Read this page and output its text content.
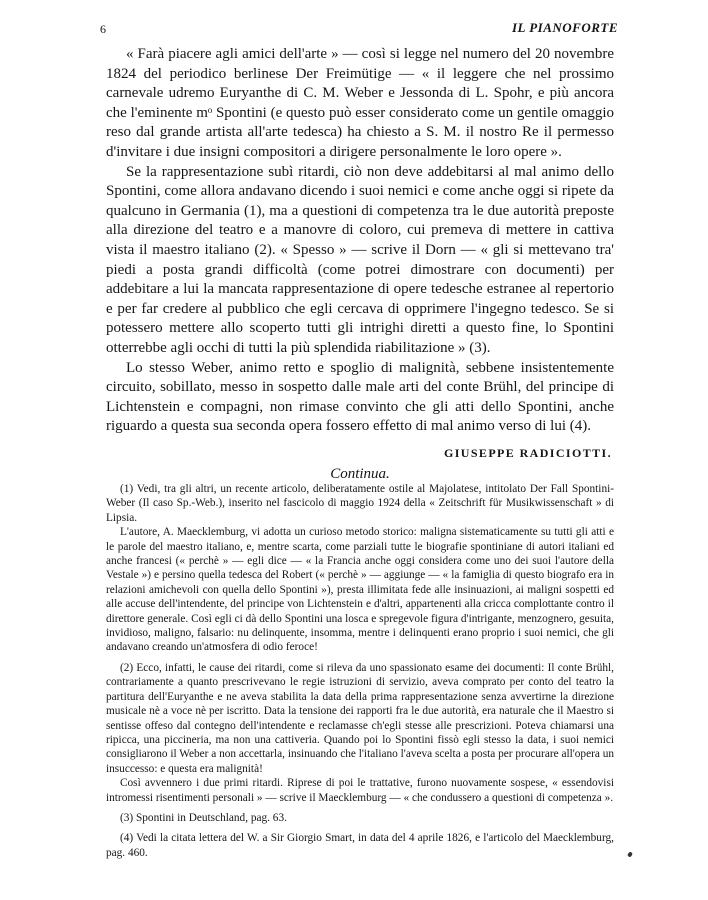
6	IL PIANOFORTE

« Farà piacere agli amici dell'arte » — così si legge nel numero del 20 novembre 1824 del periodico berlinese Der Freimütige — « il leggere che nel prossimo carnevale udremo Euryanthe di C. M. Weber e Jessonda di L. Spohr, e più ancora che l'eminente mᵒ Spontini (e questo può esser considerato come un gentile omaggio reso dal grande artista all'arte tedesca) ha chiesto a S. M. il nostro Re il permesso d'invitare i due insigni compositori a dirigere personalmente le loro opere ».

Se la rappresentazione subì ritardi, ciò non deve addebitarsi al mal animo dello Spontini, come allora andavano dicendo i suoi nemici e come anche oggi si ripete da qualcuno in Germania (1), ma a questioni di competenza tra le due autorità preposte alla direzione del teatro e a manovre di coloro, cui premeva di mettere in cattiva vista il maestro italiano (2). « Spesso » — scrive il Dorn — « gli si mettevano tra' piedi a posta grandi difficoltà (come potrei dimostrare con documenti) per addebitare a lui la mancata rappresentazione di opere tedesche estranee al repertorio e per far credere al pubblico che egli cercava di opprimere l'ingegno tedesco. Se si potessero mettere allo scoperto tutti gli intrighi diretti a questo fine, lo Spontini otterrebbe agli occhi di tutti la più splendida riabilitazione » (3).

Lo stesso Weber, animo retto e spoglio di malignità, sebbene insistentemente circuito, sobillato, messo in sospetto dalle male arti del conte Brühl, del principe di Lichtenstein e compagni, non rimase convinto che gli atti dello Spontini, anche riguardo a questa sua seconda opera fossero effetto di mal animo verso di lui (4).

GIUSEPPE RADICIOTTI.
Continua.

(1) Vedi, tra gli altri, un recente articolo, deliberatamente ostile al Majolatese, intitolato Der Fall Spontini-Weber (Il caso Sp.-Web.), inserito nel fascicolo di maggio 1924 della « Zeitschrift für Musikwissenschaft » di Lipsia.

L'autore, A. Maecklemburg, vi adotta un curioso metodo storico: maligna sistematicamente su tutti gli atti e le parole del maestro italiano, e, mentre scarta, come parziali tutte le biografie spontiniane di autori italiani ed anche francesi (« perchè » — egli dice — « la Francia anche oggi considera come uno dei suoi l'autore della Vestale ») e persino quella tedesca del Robert (« perchè » — aggiunge — « la famiglia di questo biografo era in relazioni amichevoli con quella dello Spontini »), presta illimitata fede alle insinuazioni, ai maligni sospetti ed alle accuse dell'intendente, del principe von Lichtenstein e d'altri, appartenenti alla cricca complottante contro il direttore generale. Così egli ci dà dello Spontini una losca e spregevole figura d'intrigante, menzognero, gesuita, invidioso, maligno, falsario: nu delinquente, insomma, mentre i delinquenti erano proprio i suoi nemici, che gli andavano creando un'atmosfera di odio feroce!

(2) Ecco, infatti, le cause dei ritardi, come si rileva da uno spassionato esame dei documenti: Il conte Brühl, contrariamente a quanto prescrivevano le regie istruzioni di servizio, aveva comprato per conto del teatro la partitura dell'Euryanthe e ne aveva stabilita la data della prima rappresentazione senza avvertirne la direzione musicale nè a voce nè per iscritto. Data la tensione dei rapporti fra le due autorità, era naturale che il Maestro si sentisse offeso dal contegno dell'intendente e reclamasse ch'egli stesse alle prescrizioni. Poteva chiamarsi una ripicca, una piccineria, ma non una cattiveria. Quando poi lo Spontini fissò egli stesso la data, i suoi nemici consigliarono il Weber a non accettarla, insinuando che l'italiano l'aveva scelta a posta per procurare all'opera un insuccesso: e questa era malignità!

Così avvennero i due primi ritardi. Riprese di poi le trattative, furono nuovamente sospese, « essendovisi intromessi risentimenti personali » — scrive il Maecklemburg — « che condussero a questioni di competenza ».

(3) Spontini in Deutschland, pag. 63.

(4) Vedi la citata lettera del W. a Sir Giorgio Smart, in data del 4 aprile 1826, e l'articolo del Maecklemburg, pag. 460.
